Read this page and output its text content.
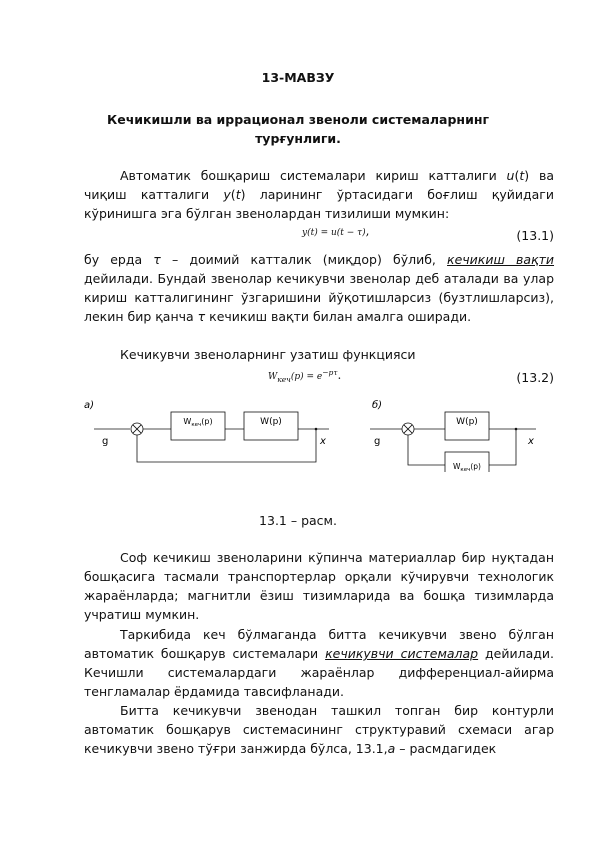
13-МАВЗУ
Кечикишли ва иррационал звеноли системаларнинг турғунлиги.
Автоматик бошқариш системалари кириш катталиги u(t) ва чиқиш катталиги y(t) ларининг ўртасидаги боғлиш қуйидаги кўринишга эга бўлган звенолардан тизилиши мумкин:
y(t) = u(t − τ),	(13.1)
бу ерда τ – доимий катталик (миқдор) бўлиб, кечикиш вақти дейилади. Бундай звенолар кечикувчи звенолар деб аталади ва улар кириш катталигининг ўзгаришини йўқотишларсиз (бузтлишларсиз), лекин бир қанча τ кечикиш вақти билан амалга оширади.
Кечикувчи звеноларнинг узатиш функцияси
$W_{кеч}(p) = e^{-p\tau}$.	(13.2)
а)
g
$W_{кеч}(p)$	W(p)
x
б)
g
W(p)
x
$W_{кеч}(p)$
13.1 – расм.
Соф кечикиш звеноларини кўпинча материаллар бир нуқтадан бошқасига тасмали транспортерлар орқали кўчирувчи технологик жараёнларда; магнитли ёзиш тизимларида ва бошқа тизимларда учратиш мумкин.
Таркибида кеч бўлмаганда битта кечикувчи звено бўлган автоматик бошқарув системалари кечикувчи системалар дейилади. Кечишли системалардаги жараёнлар дифференциал-айирма тенгламалар ёрдамида тавсифланади.
Битта кечикувчи звенодан ташкил топган бир контурли автоматик бошқарув системасининг структуравий схемаси агар кечикувчи звено тўғри занжирда бўлса, 13.1,а – расмдагидек
